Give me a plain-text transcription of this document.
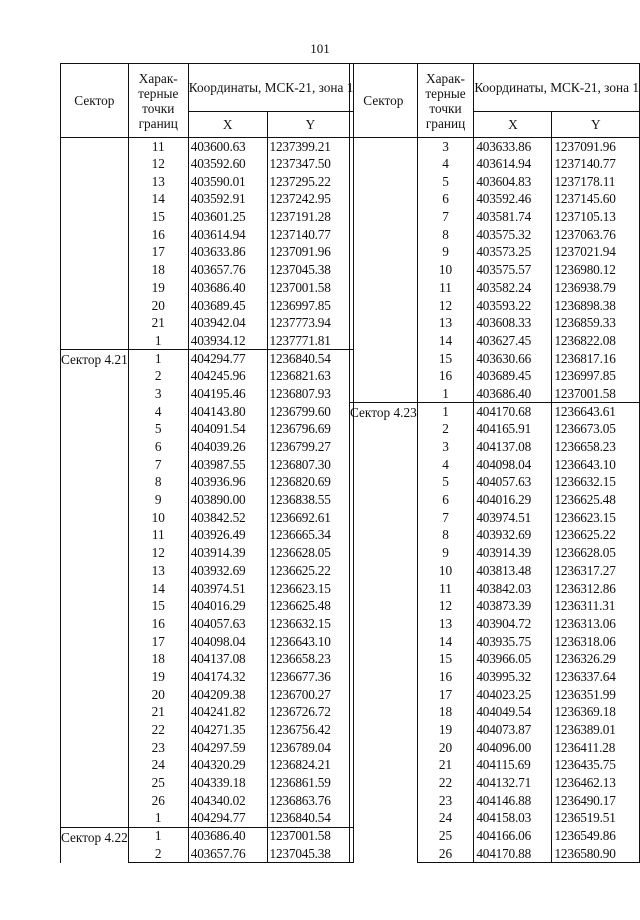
101
Сектор	Харак-терные точки границ	Координаты, МСК-21, зона 1	
		X	Y
	11	403600.63	1237399.21
	12	403592.60	1237347.50
	13	403590.01	1237295.22
	14	403592.91	1237242.95
	15	403601.25	1237191.28
	16	403614.94	1237140.77
	17	403633.86	1237091.96
	18	403657.76	1237045.38
	19	403686.40	1237001.58
	20	403689.45	1236997.85
	21	403942.04	1237773.94
	1	403934.12	1237771.81
Сектор 4.21	1	404294.77	1236840.54
	2	404245.96	1236821.63
	3	404195.46	1236807.93
	4	404143.80	1236799.60
	5	404091.54	1236796.69
	6	404039.26	1236799.27
	7	403987.55	1236807.30
	8	403936.96	1236820.69
	9	403890.00	1236838.55
	10	403842.52	1236692.61
	11	403926.49	1236665.34
	12	403914.39	1236628.05
	13	403932.69	1236625.22
	14	403974.51	1236623.15
	15	404016.29	1236625.48
	16	404057.63	1236632.15
	17	404098.04	1236643.10
	18	404137.08	1236658.23
	19	404174.32	1236677.36
	20	404209.38	1236700.27
	21	404241.82	1236726.72
	22	404271.35	1236756.42
	23	404297.59	1236789.04
	24	404320.29	1236824.21
	25	404339.18	1236861.59
	26	404340.02	1236863.76
	1	404294.77	1236840.54
Сектор 4.22	1	403686.40	1237001.58
	2	403657.76	1237045.38
Сектор	Харак-терные точки границ	Координаты, МСК-21, зона 1	
		X	Y
	3	403633.86	1237091.96
	4	403614.94	1237140.77
	5	403604.83	1237178.11
	6	403592.46	1237145.60
	7	403581.74	1237105.13
	8	403575.32	1237063.76
	9	403573.25	1237021.94
	10	403575.57	1236980.12
	11	403582.24	1236938.79
	12	403593.22	1236898.38
	13	403608.33	1236859.33
	14	403627.45	1236822.08
	15	403630.66	1236817.16
	16	403689.45	1236997.85
	1	403686.40	1237001.58
Сектор 4.23	1	404170.68	1236643.61
	2	404165.91	1236673.05
	3	404137.08	1236658.23
	4	404098.04	1236643.10
	5	404057.63	1236632.15
	6	404016.29	1236625.48
	7	403974.51	1236623.15
	8	403932.69	1236625.22
	9	403914.39	1236628.05
	10	403813.48	1236317.27
	11	403842.03	1236312.86
	12	403873.39	1236311.31
	13	403904.72	1236313.06
	14	403935.75	1236318.06
	15	403966.05	1236326.29
	16	403995.32	1236337.64
	17	404023.25	1236351.99
	18	404049.54	1236369.18
	19	404073.87	1236389.01
	20	404096.00	1236411.28
	21	404115.69	1236435.75
	22	404132.71	1236462.13
	23	404146.88	1236490.17
	24	404158.03	1236519.51
	25	404166.06	1236549.86
	26	404170.88	1236580.90
